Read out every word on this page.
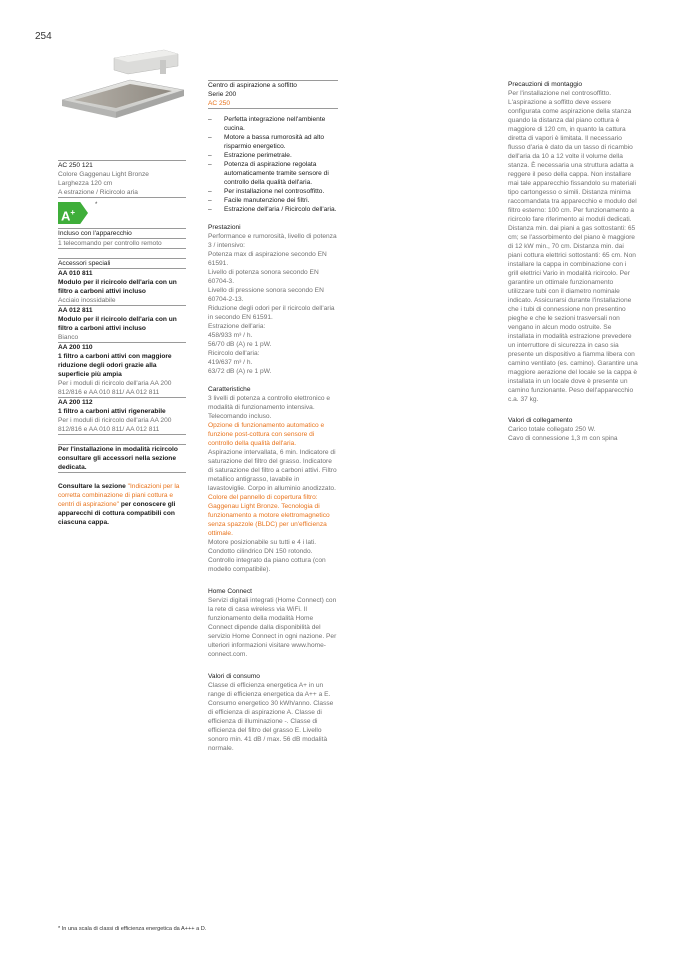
254
AC 250 121
Colore Gaggenau Light Bronze
Larghezza 120 cm
A estrazione / Ricircolo aria
A+
*
Incluso con l'apparecchio
1 telecomando per controllo remoto
Accessori speciali
AA 010 811
Modulo per il ricircolo dell'aria con un filtro a carboni attivi incluso
Acciaio inossidabile
AA 012 811
Modulo per il ricircolo dell'aria con un filtro a carboni attivi incluso
Bianco
AA 200 110
1 filtro a carboni attivi con maggiore riduzione degli odori grazie alla superficie più ampia
Per i moduli di ricircolo dell'aria AA 200 812/816 e AA 010 811/ AA 012 811
AA 200 112
1 filtro a carboni attivi rigenerabile
Per i moduli di ricircolo dell'aria AA 200 812/816 e AA 010 811/ AA 012 811
Per l'installazione in modalità ricircolo consultare gli accessori nella sezione dedicata.
Consultare la sezione "Indicazioni per la corretta combinazione di piani cottura e centri di aspirazione" per conoscere gli apparecchi di cottura compatibili con ciascuna cappa.
Centro di aspirazione a soffitto
Serie 200
AC 250
– Perfetta integrazione nell'ambiente cucina.
– Motore a bassa rumorosità ad alto risparmio energetico.
– Estrazione perimetrale.
– Potenza di aspirazione regolata automaticamente tramite sensore di controllo della qualità dell'aria.
– Per installazione nel controsoffitto.
– Facile manutenzione dei filtri.
– Estrazione dell'aria / Ricircolo dell'aria.
Prestazioni
Performance e rumorosità, livello di potenza 3 / intensivo:
Potenza max di aspirazione secondo EN 61591.
Livello di potenza sonora secondo EN 60704-3.
Livello di pressione sonora secondo EN 60704-2-13.
Riduzione degli odori per il ricircolo dell'aria in secondo EN 61591.
Estrazione dell'aria:
458/933 m³ / h.
56/70 dB (A) re 1 pW.
Ricircolo dell'aria:
419/637 m³ / h.
63/72 dB (A) re 1 pW.
Caratteristiche
3 livelli di potenza a controllo elettronico e modalità di funzionamento intensiva. Telecomando incluso.
Opzione di funzionamento automatico e funzione post-cottura con sensore di controllo della qualità dell'aria.
Aspirazione intervallata, 6 min. Indicatore di saturazione del filtro del grasso. Indicatore di saturazione del filtro a carboni attivi. Filtro metallico antigrasso, lavabile in lavastoviglie. Corpo in alluminio anodizzato.
Colore del pannello di copertura filtro: Gaggenau Light Bronze. Tecnologia di funzionamento a motore elettromagnetico senza spazzole (BLDC) per un'efficienza ottimale.
Motore posizionabile su tutti e 4 i lati. Condotto cilindrico DN 150 rotondo. Controllo integrato da piano cottura (con modello compatibile).
Home Connect
Servizi digitali integrati (Home Connect) con la rete di casa wireless via WiFi. Il funzionamento della modalità Home Connect dipende dalla disponibilità del servizio Home Connect in ogni nazione. Per ulteriori informazioni visitare www.home-connect.com.
Valori di consumo
Classe di efficienza energetica A+ in un range di efficienza energetica da A++ a E. Consumo energetico 30 kWh/anno. Classe di efficienza di aspirazione A. Classe di efficienza di illuminazione -. Classe di efficienza del filtro del grasso E. Livello sonoro min. 41 dB / max. 56 dB modalità normale.
Precauzioni di montaggio
Per l'installazione nel controsoffitto. L'aspirazione a soffitto deve essere configurata come aspirazione della stanza quando la distanza dal piano cottura è maggiore di 120 cm, in quanto la cattura diretta di vapori è limitata. Il necessario flusso d'aria è dato da un tasso di ricambio dell'aria da 10 a 12 volte il volume della stanza. È necessaria una struttura adatta a reggere il peso della cappa. Non installare mai tale apparecchio fissandolo su materiali tipo cartongesso o simili. Distanza minima raccomandata tra apparecchio e modulo del filtro esterno: 100 cm. Per funzionamento a ricircolo fare riferimento ai moduli dedicati. Distanza min. dai piani a gas sottostanti: 65 cm; se l'assorbimento del piano è maggiore di 12 kW min., 70 cm. Distanza min. dai piani cottura elettrici sottostanti: 65 cm. Non installare la cappa in combinazione con i grill elettrici Vario in modalità ricircolo. Per garantire un ottimale funzionamento utilizzare tubi con il diametro nominale indicato. Assicurarsi durante l'installazione che i tubi di connessione non presentino pieghe e che le sezioni trasversali non vengano in alcun modo ostruite. Se installata in modalità estrazione prevedere un interruttore di sicurezza in caso sia presente un dispositivo a fiamma libera con camino ventilato (es. camino). Garantire una maggiore aerazione del locale se la cappa è installata in un locale dove è presente un camino funzionante. Peso dell'apparecchio c.a. 37 kg.
Valori di collegamento
Carico totale collegato 250 W.
Cavo di connessione 1,3 m con spina
* In una scala di classi di efficienza energetica da A+++ a D.
